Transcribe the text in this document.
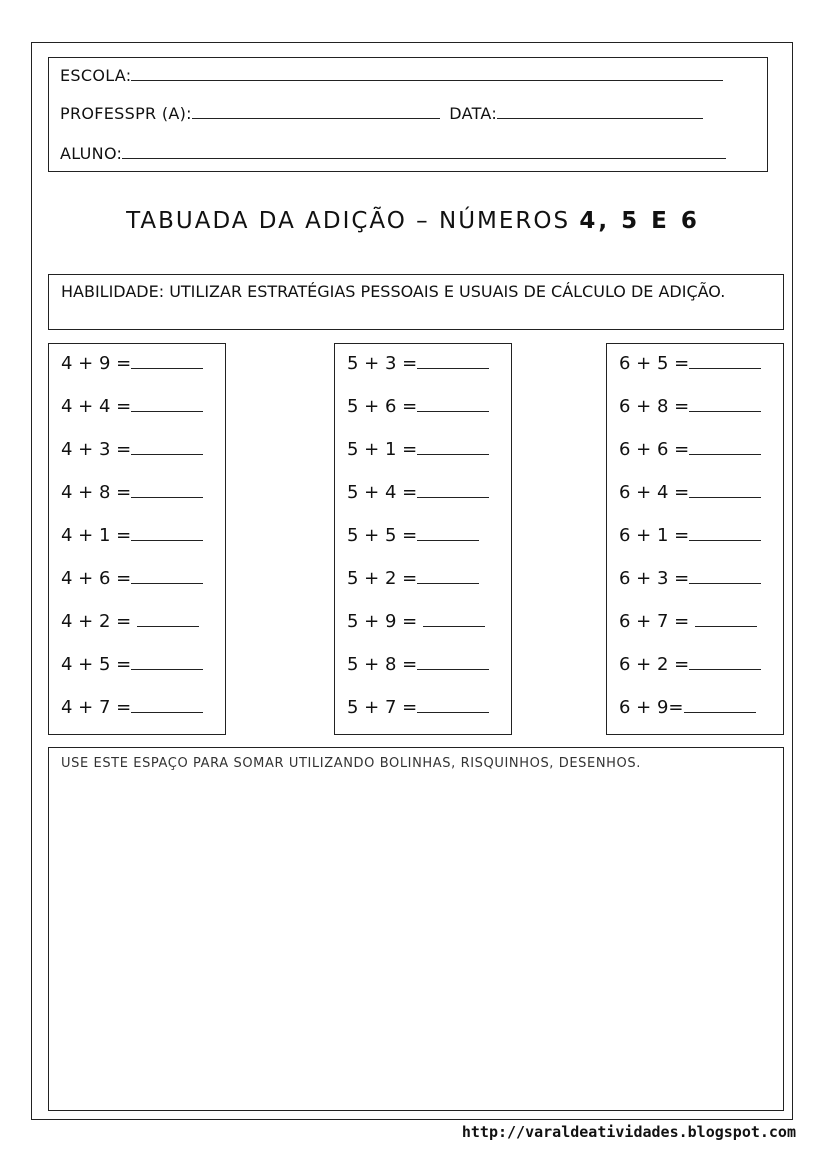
ESCOLA:
PROFESSPR (A):	DATA:
ALUNO:
TABUADA DA ADIÇÃO – NÚMEROS 4, 5 E 6
HABILIDADE: UTILIZAR ESTRATÉGIAS PESSOAIS E USUAIS DE CÁLCULO DE ADIÇÃO.
4 + 9 =
4 + 4 =
4 + 3 =
4 + 8 =
4 + 1 =
4 + 6 =
4 + 2 =
4 + 5 =
4 + 7 =
5 + 3 =
5 + 6 =
5 + 1 =
5 + 4 =
5 + 5 =
5 + 2 =
5 + 9 =
5 + 8 =
5 + 7 =
6 + 5 =
6 + 8 =
6 + 6 =
6 + 4 =
6 + 1 =
6 + 3 =
6 + 7 =
6 + 2 =
6 + 9=
USE ESTE ESPAÇO PARA SOMAR UTILIZANDO BOLINHAS, RISQUINHOS, DESENHOS.
http://varaldeatividades.blogspot.com
